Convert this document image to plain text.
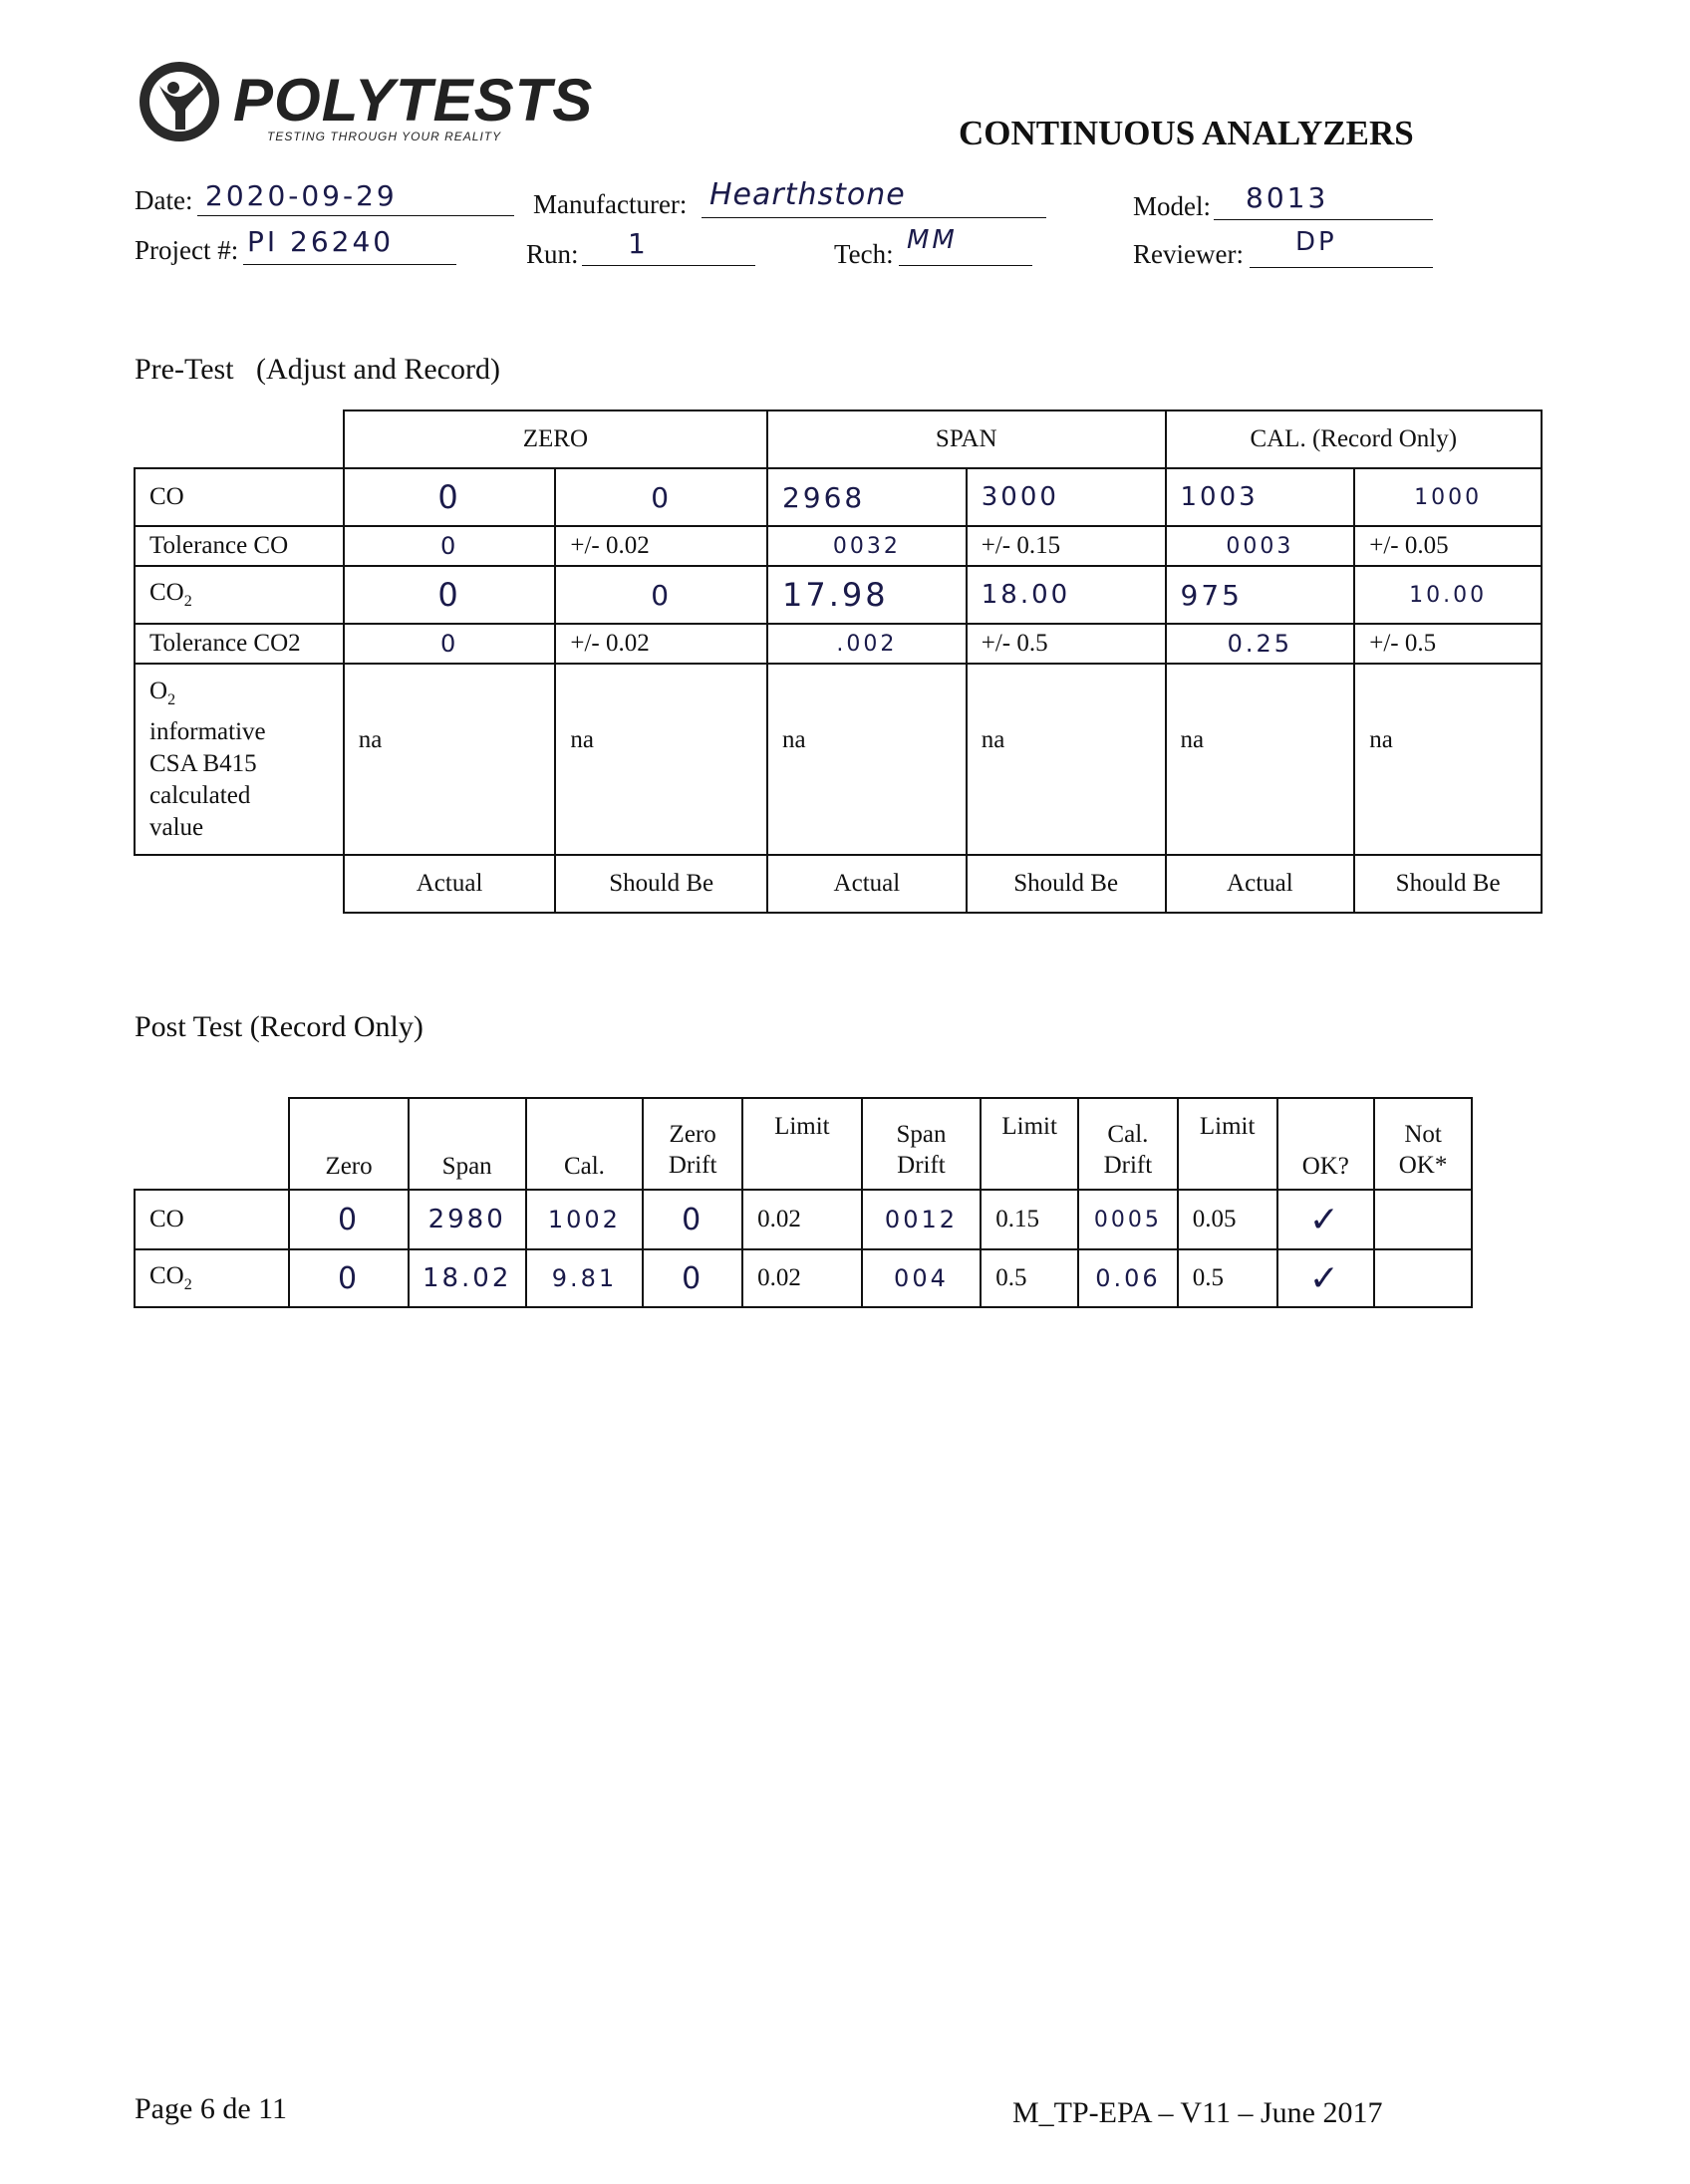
POLYTESTS
TESTING THROUGH YOUR REALITY	CONTINUOUS ANALYZERS
Date: 2020-09-29	Manufacturer: Hearthstone	Model: 8013
Project #: PI 26240	Run: 1	Tech: MM	Reviewer: DP
Pre-Test   (Adjust and Record)
	ZERO		SPAN		CAL. (Record Only)	
CO	0	0	2968	3000	1003	1000
Tolerance CO	0	+/- 0.02	0032	+/- 0.15	0003	+/- 0.05
$CO_2$	0	0	17.98	18.00	975	10.00
Tolerance CO2	0	+/- 0.02	.002	+/- 0.5	0.25	+/- 0.5

$O_2$
informative
CSA B415
calculated
value	na	na	na	na	na	na
	Actual	Should Be	Actual	Should Be	Actual	Should Be
Post Test (Record Only)
	Zero	Span	Cal.	Zero Drift	Limit	Span Drift	Limit	Cal. Drift	Limit	OK?	Not OK*

CO	0	2980	1002	0	0.02	0012	0.15	0005	0.05	✓	
$CO_2$	0	18.02	9.81	0	0.02	004	0.5	0.06	0.5	✓	
Page 6 de 11	M_TP-EPA – V11 – June 2017
